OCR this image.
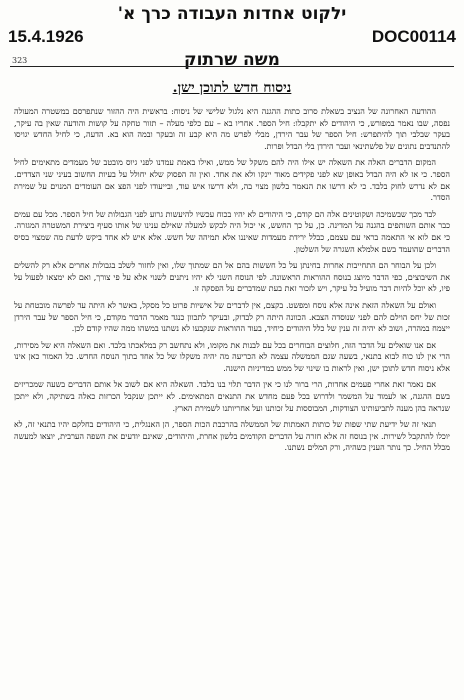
ילקוט אחדות העבודה כרך א'
15.4.1926	DOC00114
משה שרתוק
323
ניסוח חדש לתוכן ישן.

ההודעה האחרונה של הנציב בשאלת סרוב כתות ההגנה היא נלגול שלישי של ניסוח: בראשית היה ההזור שנתפרסם במשטרה המעולה נפסה, שבו נאמר במפורש, כי היהודים לא יתקבלו: חיל הספר. אחריו בא – עם כלפי מעלה – תזור טחקה על קושות והודעה שאין בה עיקר, בעקר שבלבי תוך להיתפרש: חיל הספר של עבר הירדן, מבלי לפרש מה היא קבע זה ובעקר ובמה הוא בא. הדעה, כי לחיל החדש יגויסו להתנדבים נתונים של פלשתינאי ועבר הירדן בלי הבדל ופרות.

המקום הדברים האלה את השאלה יש אילו היה להם משקל של ממש, ואילו באמת עמדנו לפני גיוס מובטב של מעמדים מתאימים לחיל הספר. כי אז לא היה הבדל באופן שא לפני פקידים מאוד יינקו ולא את אחד. ואין זה הפסוק שלא יחולל על בעיות החשוב בעיני שני הצדדים. אם לא נדרש לחוק בלבד. כי לא דרשו את הנאמר בלשון מצוי בה, ולא דרשו איש עוד, ובייעודו לפני הפצ אם העומדים המנוים על שמירת הסדר.

לבד מכך שבשמיכה ושקוטינים אלה הם קודם, כי היהודים לא יהיו בכוח עכשיו להיעשות גרוע לפני הגבולות של חיל הספר. מכל עם עמים כבר אותם השותפים בהגנה על המדינה. כן, על כך החשש, אי יכול היה לבקש למעלה שאילם ענינו של אותו סעיף ביצירת המשטרה המגזרה. כי אם לוא אי התאמה בראי עם עצמם, כבלל ירידת מעמדות שאיננו אלא תמיהה של חשש. אלא איש לא אחד ביקש לדעת מה שמצוי בסיס הדברים שהועמד בשם אלמלא השגרה של השלטון.

ולכן על הבוחר הם התחייבות אחרות בחינתן על כל חששות בהם אל הם שמתוך שלו, ואין לחזור לשלב בגבולות אחרים אלא רק להשלים את השיבוצים, כפי הדבר מיוצג בנוסח ההוראות הראשונה. לפי הנוסח השני לא יהיו ניתנים לשנוי אלא על פי צורך, ואם לא ימצאו לפעול על פיו, לא יוכל להיות דבר מועיל כל עיקר, ויש לזכור זאת בעת שמדברים על הפסקה זו.

ואולם על השאלה הזאת אינה אלא נוסח ומפשט. בקצם, אין לדברים של אישיות פרוט כל מסקל, באשר לא היתה עד לפרשה מובטחת על זכות של יחס הוילם להם לפני שנוסדה הצבא. הכוונה היתה רק לבדוק, ובעיקר לתכוון כנגד מאמר הדבור מקודם, כי חיל הספר של עבר הירדן ייצמח במהרה, ושוב לא יהיה זה ענין של כלל היהודים כיחיד, בעוד ההוראות שנקבעו לא נשתנו במשהו ממה שהיו קודם לכן.

אם אנו שואלים על הדבר הזה, חלוצים הבוחרים בכל עם לבנות את מקומו, ולא נתחשב רק במלאכתו בלבד. ואם השאלה היא של מסירות, הרי אין לנו כוח לבוא בתנאי, בשעה שגם הממשלה עצמה לא הכריעה מה יהיה משקלו של כל אחד בתוך הנוסח החדש. כל האמור כאן אינו אלא ניסוח חדש לתוכן ישן, ואין לראות בו שינוי של ממש במדיניות הישנה.

אם נאמר זאת אחרי פעמים אחדות, הרי ברור לנו כי אין הדבר תלוי בנו בלבד. השאלה היא אם לשוב אל אותם הדברים בשעה שמכריזים בשם ההגנה, או לעמוד על המשמר ולדרוש בכל פעם מחדש את התנאים המתאימים. לא ייתכן שנקבל הכרזות כאלה בשתיקה, ולא ייתכן שנראה בהן מענה לתביעותינו הצודקות, המבוססות על זכותנו ועל אחריותנו לשמירת הארץ.

תנאי זה של ידיעת שתי שפות של כותות האמתות של הממשלה בהרכבת הכות הספר, הן האנגלית, כי היהודים בחלקם יהיו בתנאי זה, לא יוכלו להתקבל לשירות. אין בנוסח זה אלא חזרה על הדברים הקודמים בלשון אחרת, והיהודים, שאינם יודעים את השפה הערבית, יוצאו למעשה מכלל החיל. כך נותר הענין כשהיה, ורק המלים נשתנו.
